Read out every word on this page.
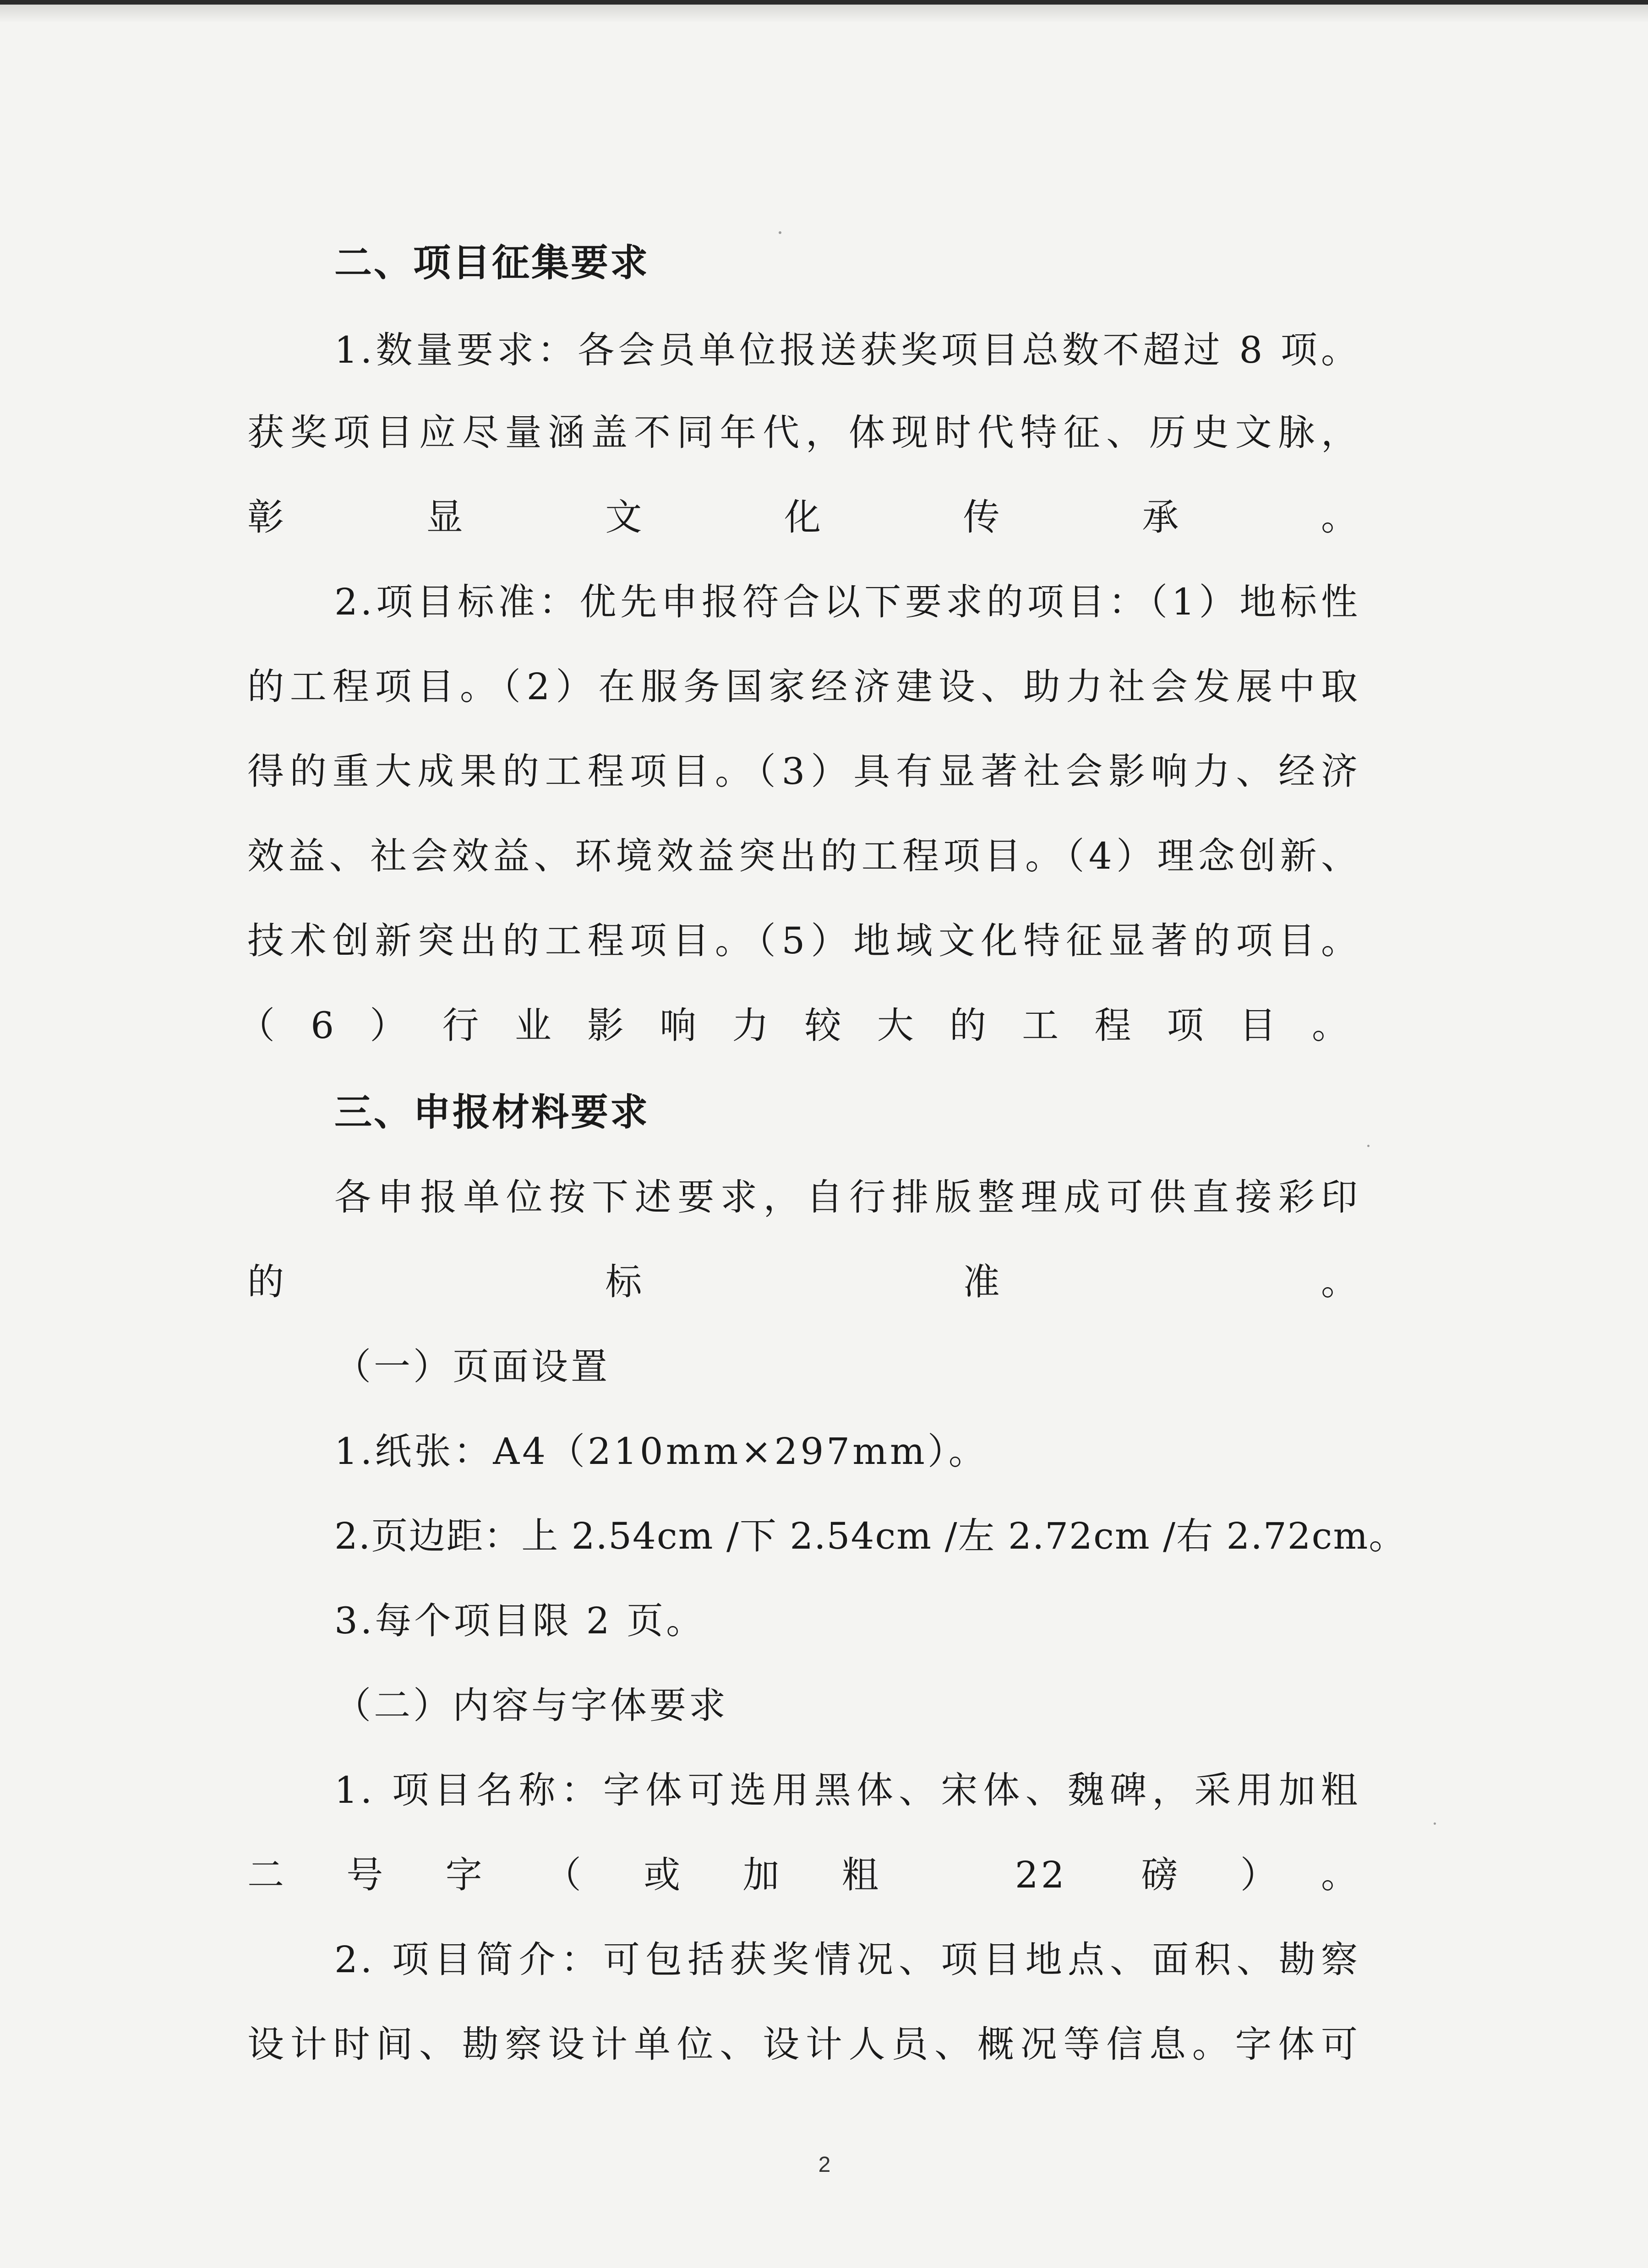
二、项目征集要求
1.数量要求：各会员单位报送获奖项目总数不超过 8 项。
获奖项目应尽量涵盖不同年代，体现时代特征、历史文脉，
彰显文化传承。
2.项目标准：优先申报符合以下要求的项目：（1）地标性
的工程项目。（2）在服务国家经济建设、助力社会发展中取
得的重大成果的工程项目。（3）具有显著社会影响力、经济
效益、社会效益、环境效益突出的工程项目。（4）理念创新、
技术创新突出的工程项目。（5）地域文化特征显著的项目。
（6）行业影响力较大的工程项目。
三、申报材料要求
各申报单位按下述要求，自行排版整理成可供直接彩印
的标准。
（一）页面设置
1.纸张：A4（210mm×297mm）。
2.页边距：上 2.54cm /下 2.54cm /左 2.72cm /右 2.72cm。
3.每个项目限 2 页。
（二）内容与字体要求
1. 项目名称：字体可选用黑体、宋体、魏碑，采用加粗
二号字（或加粗 22 磅）。
2. 项目简介：可包括获奖情况、项目地点、面积、勘察
设计时间、勘察设计单位、设计人员、概况等信息。字体可
2
